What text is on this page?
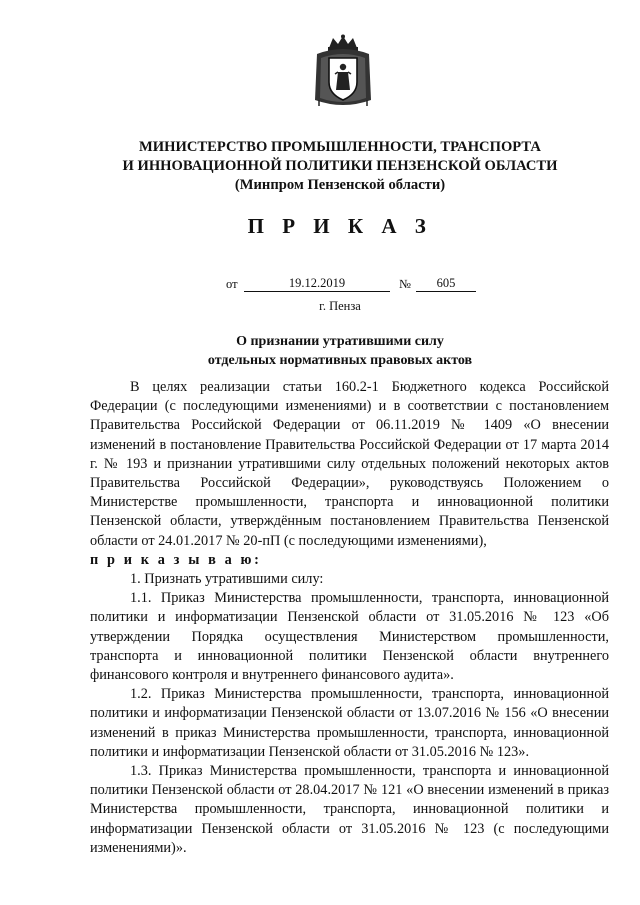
МИНИСТЕРСТВО ПРОМЫШЛЕННОСТИ, ТРАНСПОРТА
И ИННОВАЦИОННОЙ ПОЛИТИКИ ПЕНЗЕНСКОЙ ОБЛАСТИ
(Минпром Пензенской области)
П Р И К А З
от	19.12.2019	№	605
г. Пенза
О признании утратившими силу
отдельных нормативных правовых актов

В целях реализации статьи 160.2-1 Бюджетного кодекса Российской Федерации (с последующими изменениями) и в соответствии с постановлением Правительства Российской Федерации от 06.11.2019 № 1409 «О внесении изменений в постановление Правительства Российской Федерации от 17 марта 2014 г. № 193 и признании утратившими силу отдельных положений некоторых актов Правительства Российской Федерации», руководствуясь Положением о Министерстве промышленности, транспорта и инновационной политики Пензенской области, утверждённым постановлением Правительства Пензенской области от 24.01.2017 № 20-пП (с последующими изменениями),

п р и к а з ы в а ю:

1. Признать утратившими силу:

1.1. Приказ Министерства промышленности, транспорта, инновационной политики и информатизации Пензенской области от 31.05.2016 № 123 «Об утверждении Порядка осуществления Министерством промышленности, транспорта и инновационной политики Пензенской области внутреннего финансового контроля и внутреннего финансового аудита».

1.2. Приказ Министерства промышленности, транспорта, инновационной политики и информатизации Пензенской области от 13.07.2016 № 156 «О внесении изменений в приказ Министерства промышленности, транспорта, инновационной политики и информатизации Пензенской области от 31.05.2016 № 123».

1.3. Приказ Министерства промышленности, транспорта и инновационной политики Пензенской области от 28.04.2017 № 121 «О внесении изменений в приказ Министерства промышленности, транспорта, инновационной политики и информатизации Пензенской области от 31.05.2016 № 123 (с последующими изменениями)».
